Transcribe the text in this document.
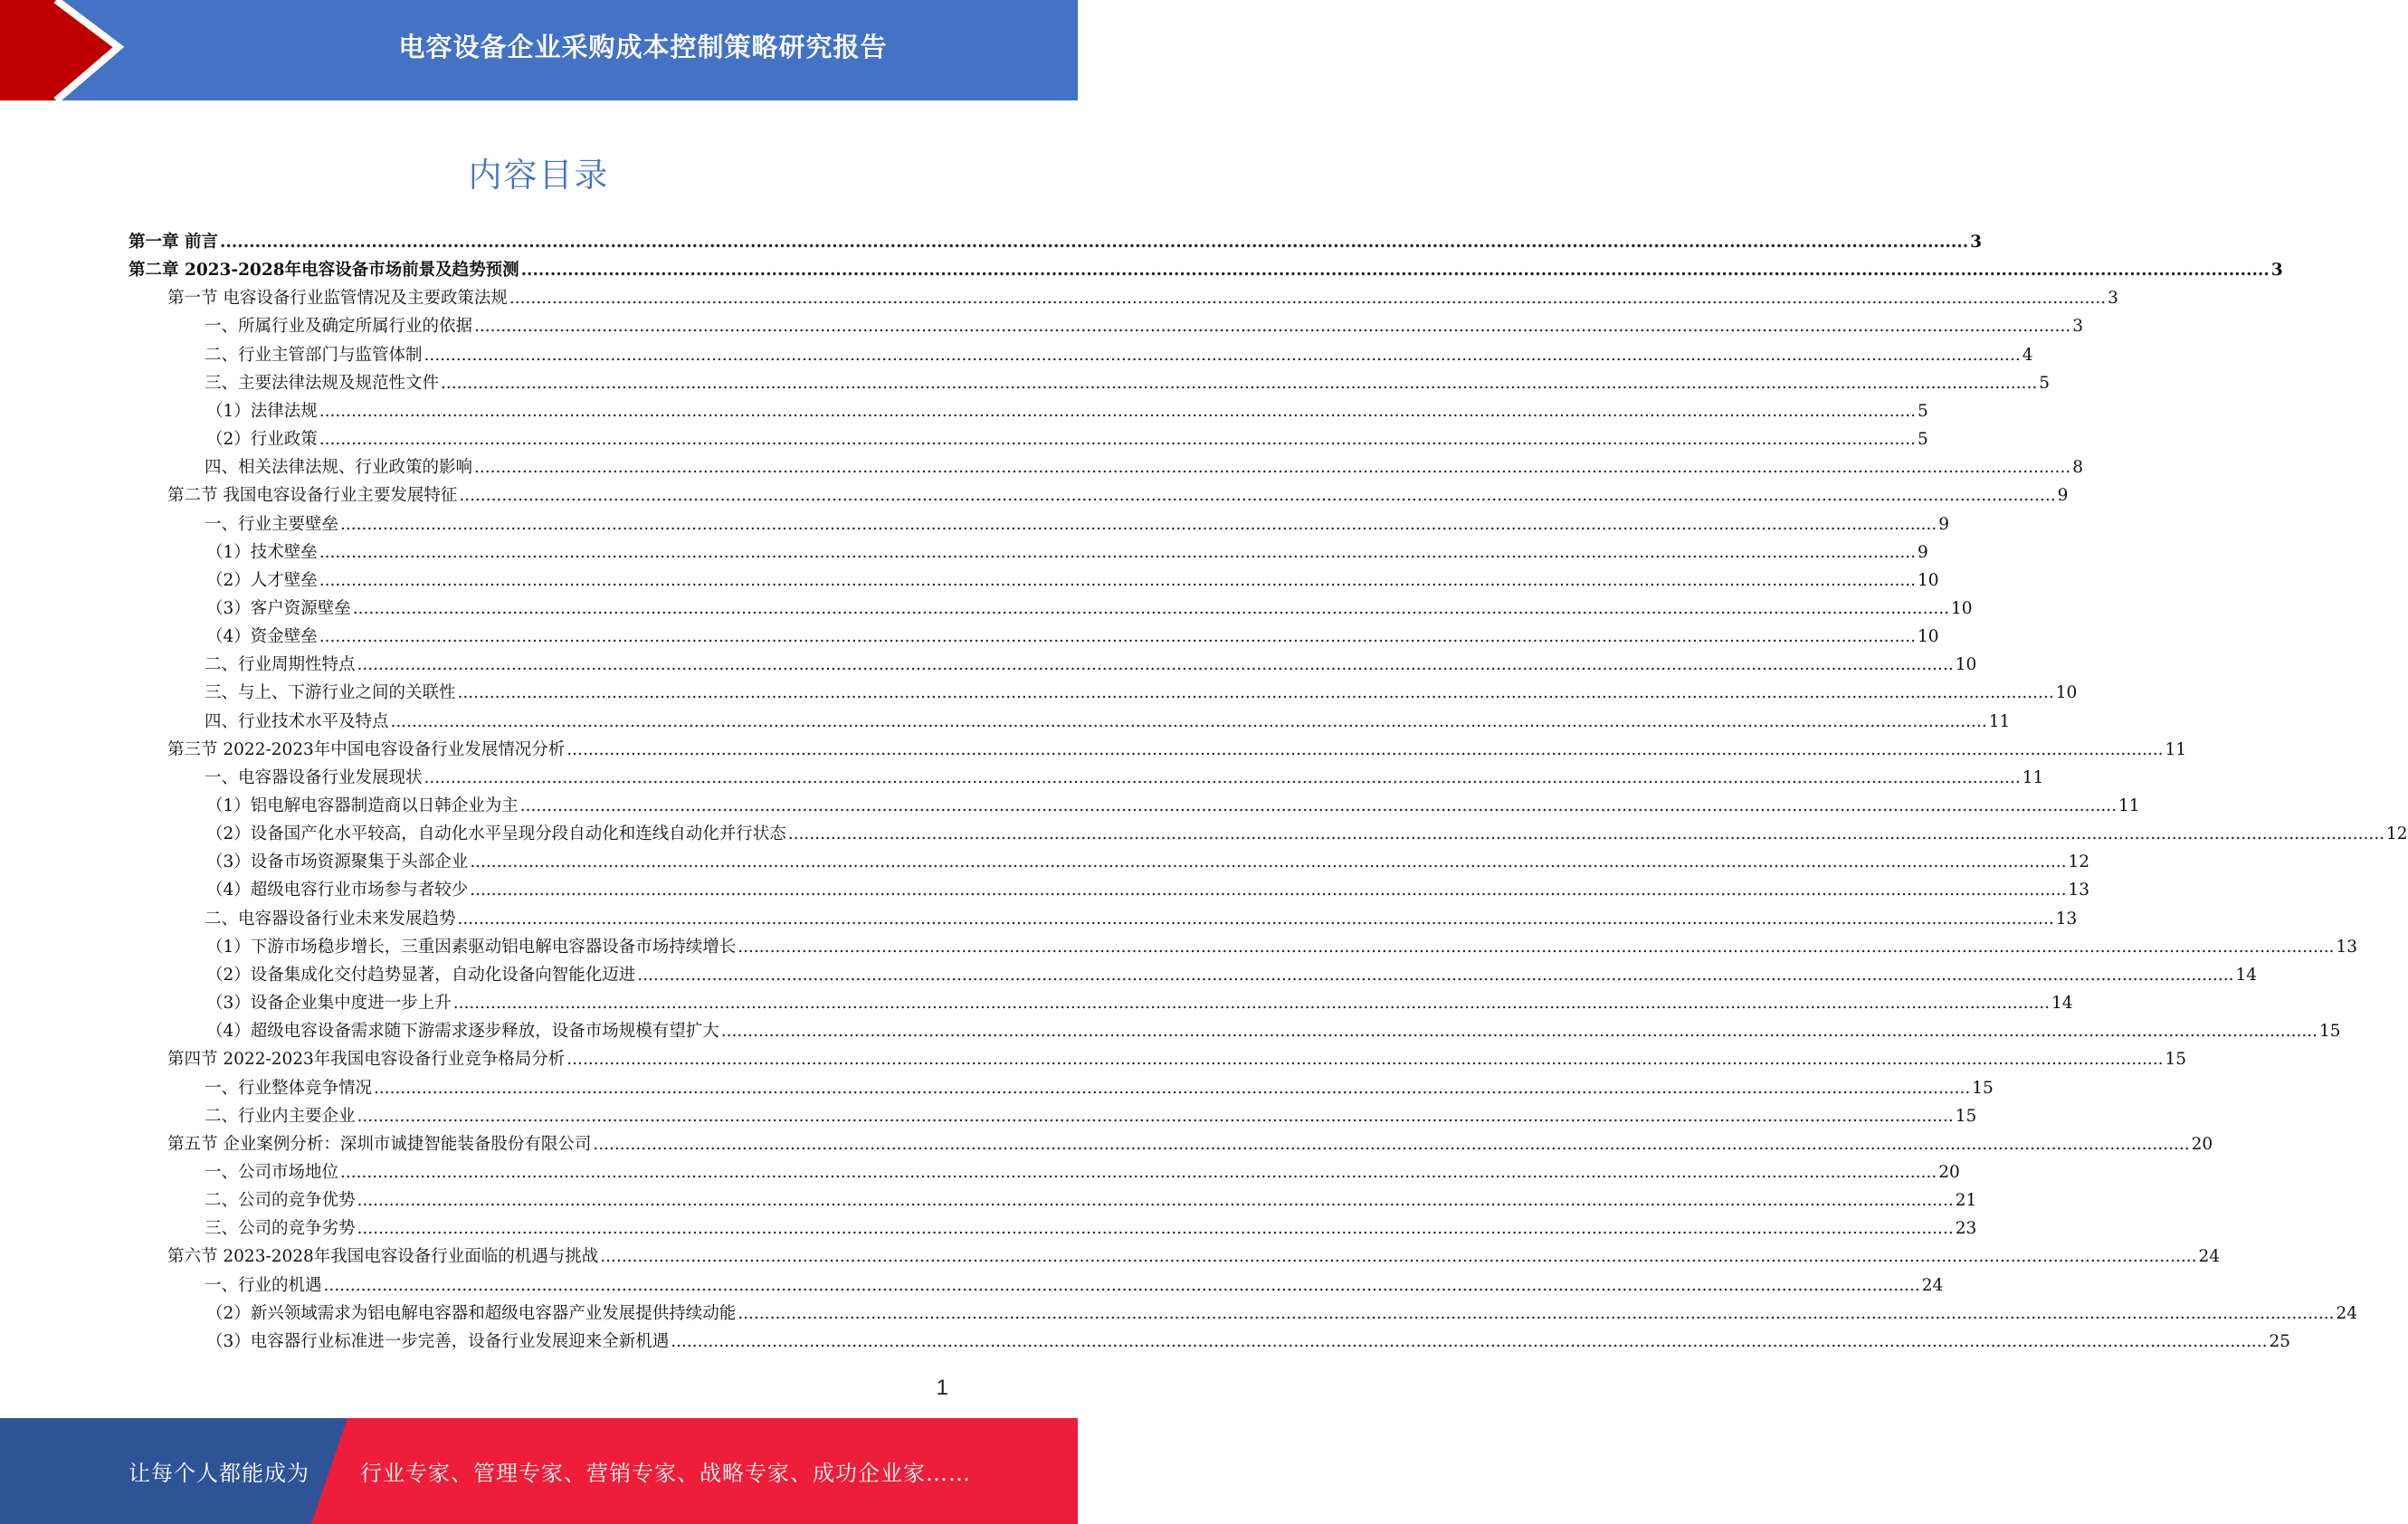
电容设备企业采购成本控制策略研究报告
内容目录
第一章 前言 ............................................................................................................................................................................................................................................................................................................ 3
第二章 2023-2028年电容设备市场前景及趋势预测 ............................................................................................................................................................................................................................................................................................................ 3
第一节 电容设备行业监管情况及主要政策法规 ............................................................................................................................................................................................................................................................................................................ 3
一、所属行业及确定所属行业的依据 ............................................................................................................................................................................................................................................................................................................ 3
二、行业主管部门与监管体制 ............................................................................................................................................................................................................................................................................................................ 4
三、主要法律法规及规范性文件 ............................................................................................................................................................................................................................................................................................................ 5
（1）法律法规 ............................................................................................................................................................................................................................................................................................................ 5
（2）行业政策 ............................................................................................................................................................................................................................................................................................................ 5
四、相关法律法规、行业政策的影响 ............................................................................................................................................................................................................................................................................................................ 8
第二节 我国电容设备行业主要发展特征 ............................................................................................................................................................................................................................................................................................................ 9
一、行业主要壁垒 ............................................................................................................................................................................................................................................................................................................ 9
（1）技术壁垒 ............................................................................................................................................................................................................................................................................................................ 9
（2）人才壁垒 ............................................................................................................................................................................................................................................................................................................ 10
（3）客户资源壁垒 ............................................................................................................................................................................................................................................................................................................ 10
（4）资金壁垒 ............................................................................................................................................................................................................................................................................................................ 10
二、行业周期性特点 ............................................................................................................................................................................................................................................................................................................ 10
三、与上、下游行业之间的关联性 ............................................................................................................................................................................................................................................................................................................ 10
四、行业技术水平及特点 ............................................................................................................................................................................................................................................................................................................ 11
第三节 2022-2023年中国电容设备行业发展情况分析 ............................................................................................................................................................................................................................................................................................................ 11
一、电容器设备行业发展现状 ............................................................................................................................................................................................................................................................................................................ 11
（1）铝电解电容器制造商以日韩企业为主 ............................................................................................................................................................................................................................................................................................................ 11
（2）设备国产化水平较高，自动化水平呈现分段自动化和连线自动化并行状态 ............................................................................................................................................................................................................................................................................................................ 12
（3）设备市场资源聚集于头部企业 ............................................................................................................................................................................................................................................................................................................ 12
（4）超级电容行业市场参与者较少 ............................................................................................................................................................................................................................................................................................................ 13
二、电容器设备行业未来发展趋势 ............................................................................................................................................................................................................................................................................................................ 13
（1）下游市场稳步增长，三重因素驱动铝电解电容器设备市场持续增长 ............................................................................................................................................................................................................................................................................................................ 13
（2）设备集成化交付趋势显著，自动化设备向智能化迈进 ............................................................................................................................................................................................................................................................................................................ 14
（3）设备企业集中度进一步上升 ............................................................................................................................................................................................................................................................................................................ 14
（4）超级电容设备需求随下游需求逐步释放，设备市场规模有望扩大 ............................................................................................................................................................................................................................................................................................................ 15
第四节 2022-2023年我国电容设备行业竞争格局分析 ............................................................................................................................................................................................................................................................................................................ 15
一、行业整体竞争情况 ............................................................................................................................................................................................................................................................................................................ 15
二、行业内主要企业 ............................................................................................................................................................................................................................................................................................................ 15
第五节 企业案例分析：深圳市诚捷智能装备股份有限公司 ............................................................................................................................................................................................................................................................................................................ 20
一、公司市场地位 ............................................................................................................................................................................................................................................................................................................ 20
二、公司的竞争优势 ............................................................................................................................................................................................................................................................................................................ 21
三、公司的竞争劣势 ............................................................................................................................................................................................................................................................................................................ 23
第六节 2023-2028年我国电容设备行业面临的机遇与挑战 ............................................................................................................................................................................................................................................................................................................ 24
一、行业的机遇 ............................................................................................................................................................................................................................................................................................................ 24
（2）新兴领域需求为铝电解电容器和超级电容器产业发展提供持续动能 ............................................................................................................................................................................................................................................................................................................ 24
（3）电容器行业标准进一步完善，设备行业发展迎来全新机遇 ............................................................................................................................................................................................................................................................................................................ 25
1
让每个人都能成为 行业专家、管理专家、营销专家、战略专家、成功企业家……
